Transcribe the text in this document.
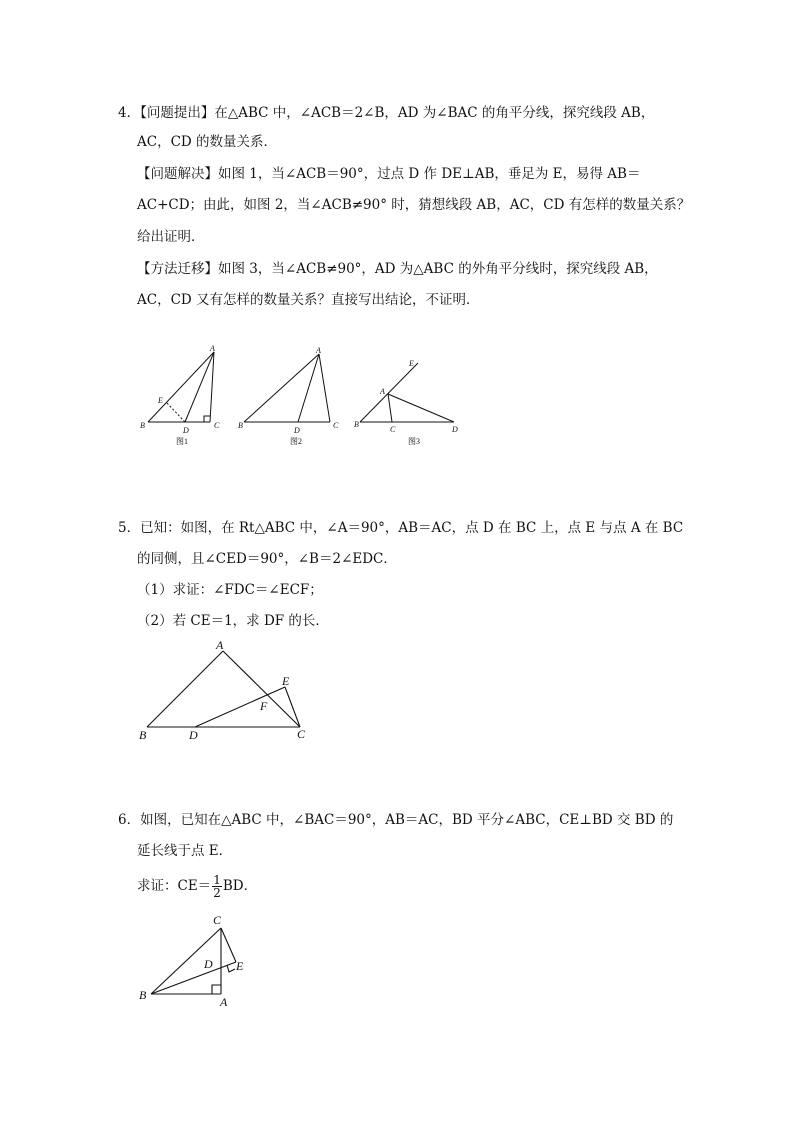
4．【问题提出】在△ABC 中，∠ACB＝2∠B，AD 为∠BAC 的角平分线，探究线段 AB，
AC，CD 的数量关系．
【问题解决】如图 1，当∠ACB＝90°，过点 D 作 DE⊥AB，垂足为 E，易得 AB＝
AC+CD；由此，如图 2，当∠ACB≠90° 时，猜想线段 AB，AC，CD 有怎样的数量关系？
给出证明．
【方法迁移】如图 3，当∠ACB≠90°，AD 为△ABC 的外角平分线时，探究线段 AB，
AC，CD 又有怎样的数量关系？直接写出结论，不证明．
A
E
B
D
C
图1
A
B
D
C
图2
E
A
B
C	D
图3
5．已知：如图，在 Rt△ABC 中，∠A＝90°，AB＝AC，点 D 在 BC 上，点 E 与点 A 在 BC
的同侧，且∠CED＝90°，∠B＝2∠EDC．
（1）求证：∠FDC＝∠ECF；
（2）若 CE＝1，求 DF 的长．
A
E
F
B	D	C
6．如图，已知在△ABC 中，∠BAC＝90°，AB＝AC，BD 平分∠ABC，CE⊥BD 交 BD 的
延长线于点 E．
求证：$CE= \frac{1}{2}$ BD．
C
D E
B	A
